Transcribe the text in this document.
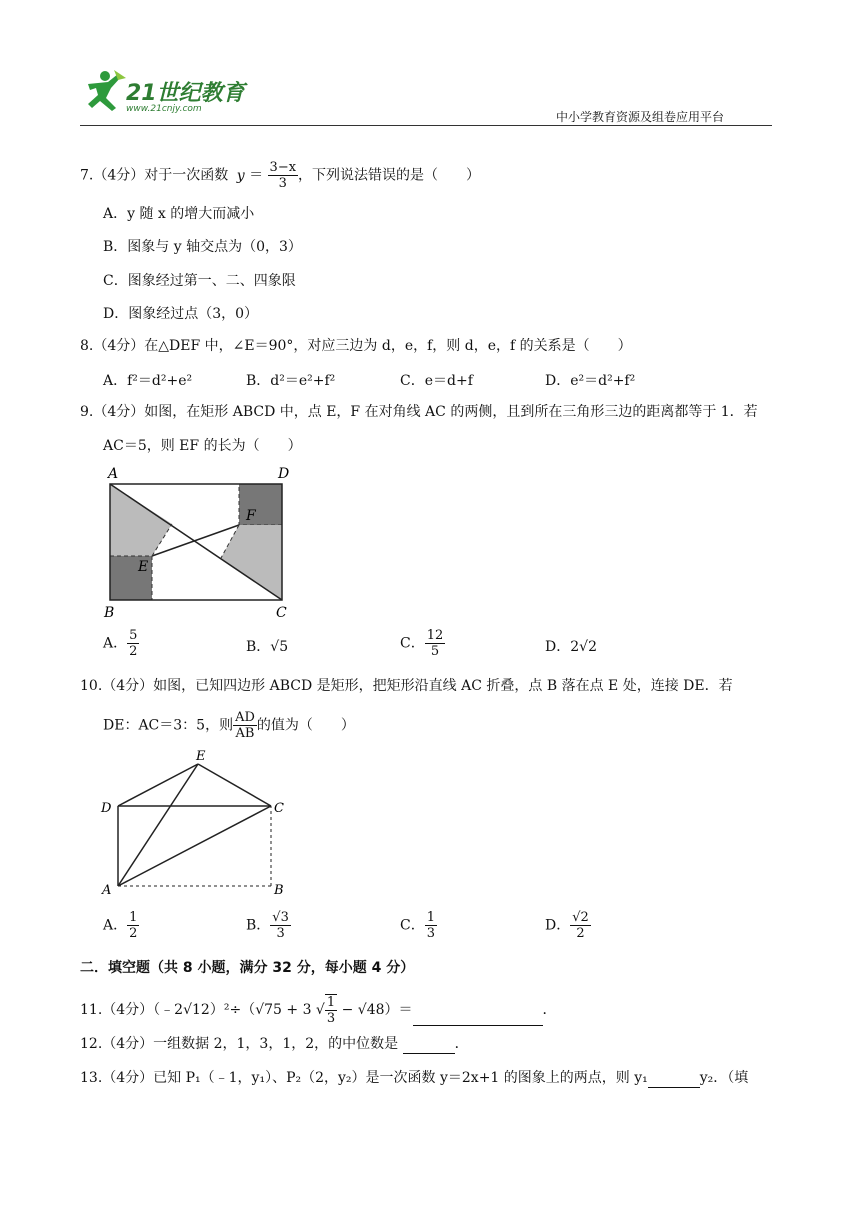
21世纪教育
www.21cnjy.com
中小学教育资源及组卷应用平台
7.（4分）对于一次函数 $y = \frac{3-x}{3}$ ，下列说法错误的是（　　）
A．y 随 x 的增大而减小
B．图象与 y 轴交点为（0，3）
C．图象经过第一、二、四象限
D．图象经过点（3，0）
8.（4分）在△DEF 中，∠E＝90°，对应三边为 d，e，f，则 d，e，f 的关系是（　　）
A．f²＝d²+e²	B．d²＝e²+f²	C．e＝d+f	D．e²＝d²+f²
9.（4分）如图，在矩形 ABCD 中，点 E，F 在对角线 AC 的两侧，且到所在三角形三边的距离都等于 1．若
AC＝5，则 EF 的长为（　　）
A	D
B	C
E
F
A． $\frac{5}{2}$	B．√5	C． $\frac{12}{5}$	D．2√2
10.（4分）如图，已知四边形 ABCD 是矩形，把矩形沿直线 AC 折叠，点 B 落在点 E 处，连接 DE．若
DE：AC＝3：5，则 $\frac{AD}{AB}$ 的值为（　　）
E
D	C
A	B
A． $\frac{1}{2}$	B． $\frac{√3}{3}$	C． $\frac{1}{3}$	D． $\frac{√2}{2}$
二．填空题（共 8 小题，满分 32 分，每小题 4 分）
11.（4分）（﹣2√12）²÷（√75 + 3 √ $\frac{1}{3} - √48)=$	．
12.（4分）一组数据 2，1，3，1，2，的中位数是	．
13.（4分）已知 P₁（﹣1，y₁）、P₂（2，y₂）是一次函数 y＝2x+1 的图象上的两点，则 y₁	y₂．（填
